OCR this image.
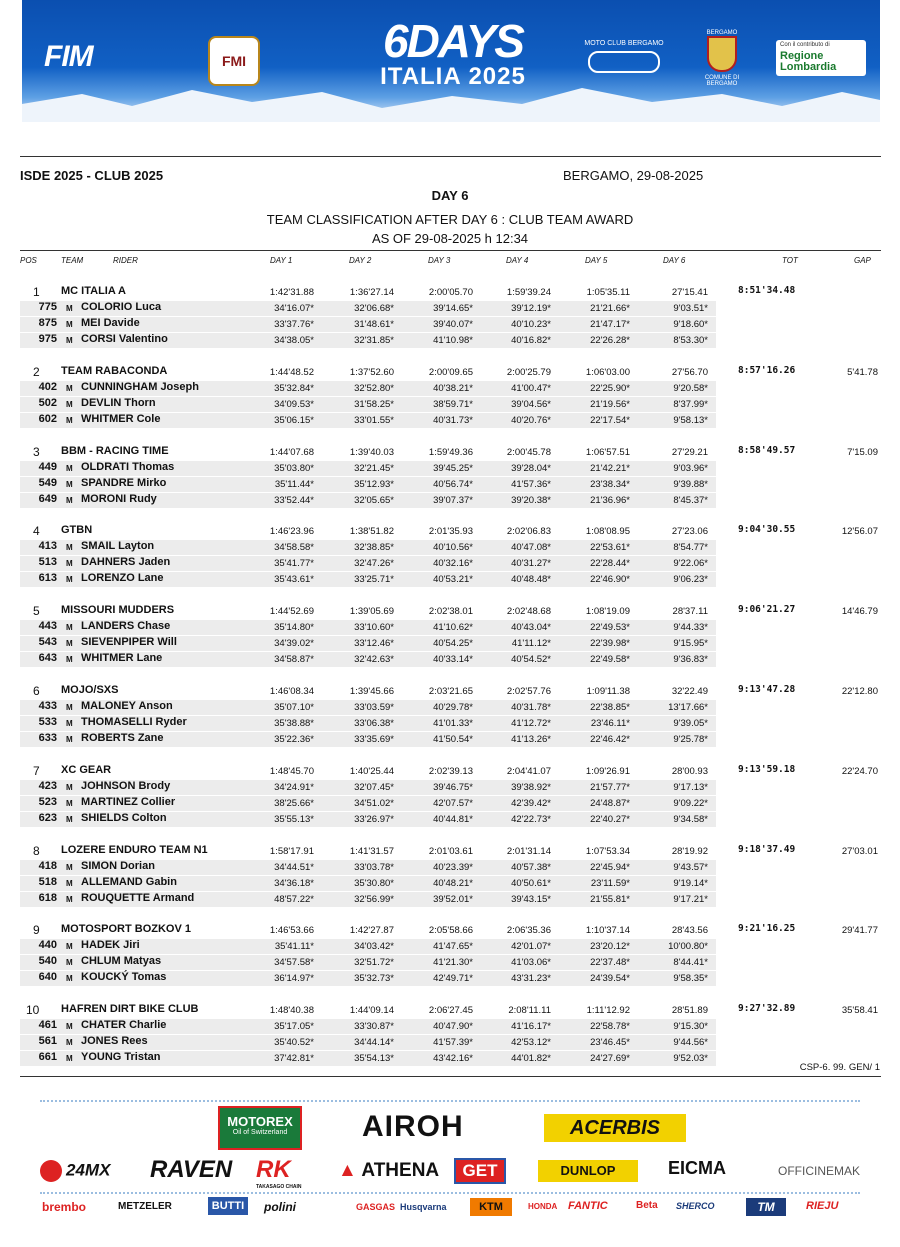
FIM	FMI	6DAYS
ITALIA 2025
MOTO CLUB BERGAMO
BERGAMO
COMUNE DI BERGAMO
Con il contributo di
Regione Lombardia
ISDE 2025 - CLUB 2025	BERGAMO, 29-08-2025
DAY 6
TEAM CLASSIFICATION AFTER DAY 6 : CLUB TEAM AWARD
AS OF 29-08-2025 h 12:34
POS	TEAM	RIDER	DAY 1	DAY 2	DAY 3	DAY 4	DAY 5	DAY 6	TOT	GAP
1 MC ITALIA A	1:42'31.88	1:36'27.14	2:00'05.70	1:59'39.24	1:05'35.11	27'15.41	8:51'34.48
775 M COLORIO Luca	34'16.07*	32'06.68*	39'14.65*	39'12.19*	21'21.66*	9'03.51*
875 M MEI Davide	33'37.76*	31'48.61*	39'40.07*	40'10.23*	21'47.17*	9'18.60*
975 M CORSI Valentino	34'38.05*	32'31.85*	41'10.98*	40'16.82*	22'26.28*	8'53.30*
2 TEAM RABACONDA	1:44'48.52	1:37'52.60	2:00'09.65	2:00'25.79	1:06'03.00	27'56.70	8:57'16.26	5'41.78
402 M CUNNINGHAM Joseph	35'32.84*	32'52.80*	40'38.21*	41'00.47*	22'25.90*	9'20.58*
502 M DEVLIN Thorn	34'09.53*	31'58.25*	38'59.71*	39'04.56*	21'19.56*	8'37.99*
602 M WHITMER Cole	35'06.15*	33'01.55*	40'31.73*	40'20.76*	22'17.54*	9'58.13*
3 BBM - RACING TIME	1:44'07.68	1:39'40.03	1:59'49.36	2:00'45.78	1:06'57.51	27'29.21	8:58'49.57	7'15.09
449 M OLDRATI Thomas	35'03.80*	32'21.45*	39'45.25*	39'28.04*	21'42.21*	9'03.96*
549 M SPANDRE Mirko	35'11.44*	35'12.93*	40'56.74*	41'57.36*	23'38.34*	9'39.88*
649 M MORONI Rudy	33'52.44*	32'05.65*	39'07.37*	39'20.38*	21'36.96*	8'45.37*
4 GTBN	1:46'23.96	1:38'51.82	2:01'35.93	2:02'06.83	1:08'08.95	27'23.06	9:04'30.55	12'56.07
413 M SMAIL Layton	34'58.58*	32'38.85*	40'10.56*	40'47.08*	22'53.61*	8'54.77*
513 M DAHNERS Jaden	35'41.77*	32'47.26*	40'32.16*	40'31.27*	22'28.44*	9'22.06*
613 M LORENZO Lane	35'43.61*	33'25.71*	40'53.21*	40'48.48*	22'46.90*	9'06.23*
5 MISSOURI MUDDERS	1:44'52.69	1:39'05.69	2:02'38.01	2:02'48.68	1:08'19.09	28'37.11	9:06'21.27	14'46.79
443 M LANDERS Chase	35'14.80*	33'10.60*	41'10.62*	40'43.04*	22'49.53*	9'44.33*
543 M SIEVENPIPER Will	34'39.02*	33'12.46*	40'54.25*	41'11.12*	22'39.98*	9'15.95*
643 M WHITMER Lane	34'58.87*	32'42.63*	40'33.14*	40'54.52*	22'49.58*	9'36.83*
6 MOJO/SXS	1:46'08.34	1:39'45.66	2:03'21.65	2:02'57.76	1:09'11.38	32'22.49	9:13'47.28	22'12.80
433 M MALONEY Anson	35'07.10*	33'03.59*	40'29.78*	40'31.78*	22'38.85*	13'17.66*
533 M THOMASELLI Ryder	35'38.88*	33'06.38*	41'01.33*	41'12.72*	23'46.11*	9'39.05*
633 M ROBERTS Zane	35'22.36*	33'35.69*	41'50.54*	41'13.26*	22'46.42*	9'25.78*
7 XC GEAR	1:48'45.70	1:40'25.44	2:02'39.13	2:04'41.07	1:09'26.91	28'00.93	9:13'59.18	22'24.70
423 M JOHNSON Brody	34'24.91*	32'07.45*	39'46.75*	39'38.92*	21'57.77*	9'17.13*
523 M MARTINEZ Collier	38'25.66*	34'51.02*	42'07.57*	42'39.42*	24'48.87*	9'09.22*
623 M SHIELDS Colton	35'55.13*	33'26.97*	40'44.81*	42'22.73*	22'40.27*	9'34.58*
8 LOZERE ENDURO TEAM N1	1:58'17.91	1:41'31.57	2:01'03.61	2:01'31.14	1:07'53.34	28'19.92	9:18'37.49	27'03.01
418 M SIMON Dorian	34'44.51*	33'03.78*	40'23.39*	40'57.38*	22'45.94*	9'43.57*
518 M ALLEMAND Gabin	34'36.18*	35'30.80*	40'48.21*	40'50.61*	23'11.59*	9'19.14*
618 M ROUQUETTE Armand	48'57.22*	32'56.99*	39'52.01*	39'43.15*	21'55.81*	9'17.21*
9 MOTOSPORT BOZKOV 1	1:46'53.66	1:42'27.87	2:05'58.66	2:06'35.36	1:10'37.14	28'43.56	9:21'16.25	29'41.77
440 M HADEK Jiri	35'41.11*	34'03.42*	41'47.65*	42'01.07*	23'20.12*	10'00.80*
540 M CHLUM Matyas	34'57.58*	32'51.72*	41'21.30*	41'03.06*	22'37.48*	8'44.41*
640 M KOUCKÝ Tomas	36'14.97*	35'32.73*	42'49.71*	43'31.23*	24'39.54*	9'58.35*
10 HAFREN DIRT BIKE CLUB	1:48'40.38	1:44'09.14	2:06'27.45	2:08'11.11	1:11'12.92	28'51.89	9:27'32.89	35'58.41
461 M CHATER Charlie	35'17.05*	33'30.87*	40'47.90*	41'16.17*	22'58.78*	9'15.30*
561 M JONES Rees	35'40.52*	34'44.14*	41'57.39*	42'53.12*	23'46.45*	9'44.56*
661 M YOUNG Tristan	37'42.81*	35'54.13*	43'42.16*	44'01.82*	24'27.69*	9'52.03*
CSP-6. 99. GEN/ 1
MOTOREX
Oil of Switzerland	AIROH	ACERBIS
24MX RAVEN RK
TAKASAGO CHAIN
▲ ATHENA	GET	DUNLOP	EICMA	OFFICINEMAK
brembo	METZELER	BUTTI	polini	GASGAS Husqvarna	KTM	HONDA FANTIC	Beta SHERCO	TM	RIEJU
